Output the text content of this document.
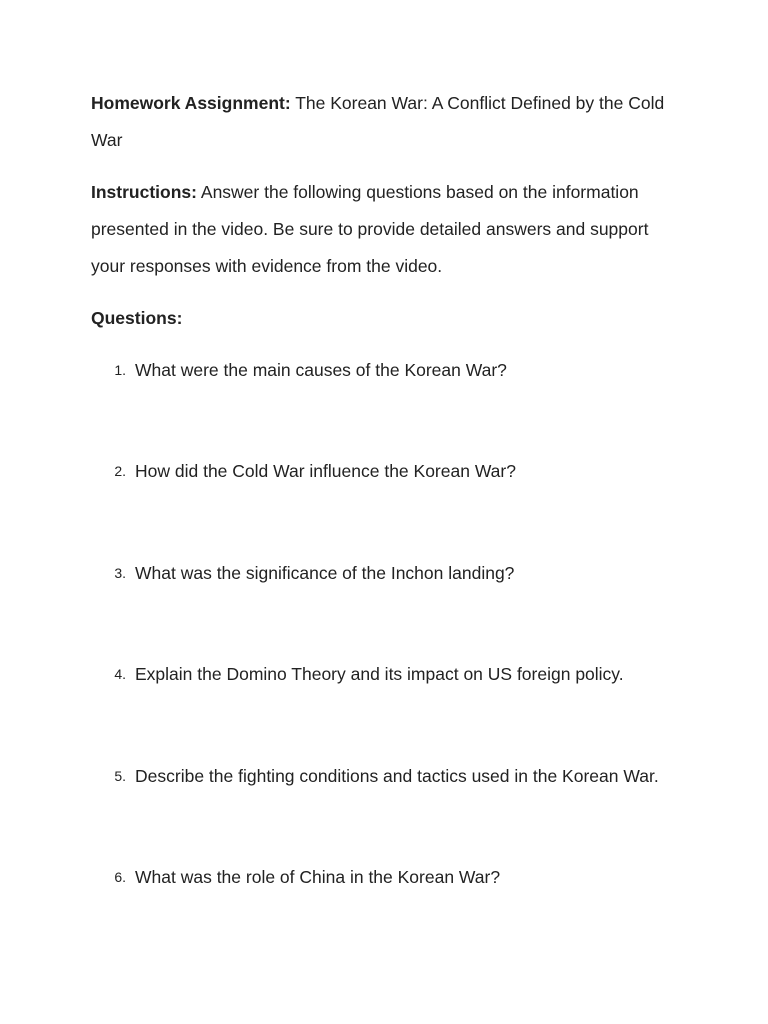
Homework Assignment: The Korean War: A Conflict Defined by the Cold War

Instructions: Answer the following questions based on the information presented in the video. Be sure to provide detailed answers and support your responses with evidence from the video.

Questions:

1. What were the main causes of the Korean War?
2. How did the Cold War influence the Korean War?
3. What was the significance of the Inchon landing?
4. Explain the Domino Theory and its impact on US foreign policy.
5. Describe the fighting conditions and tactics used in the Korean War.
6. What was the role of China in the Korean War?
